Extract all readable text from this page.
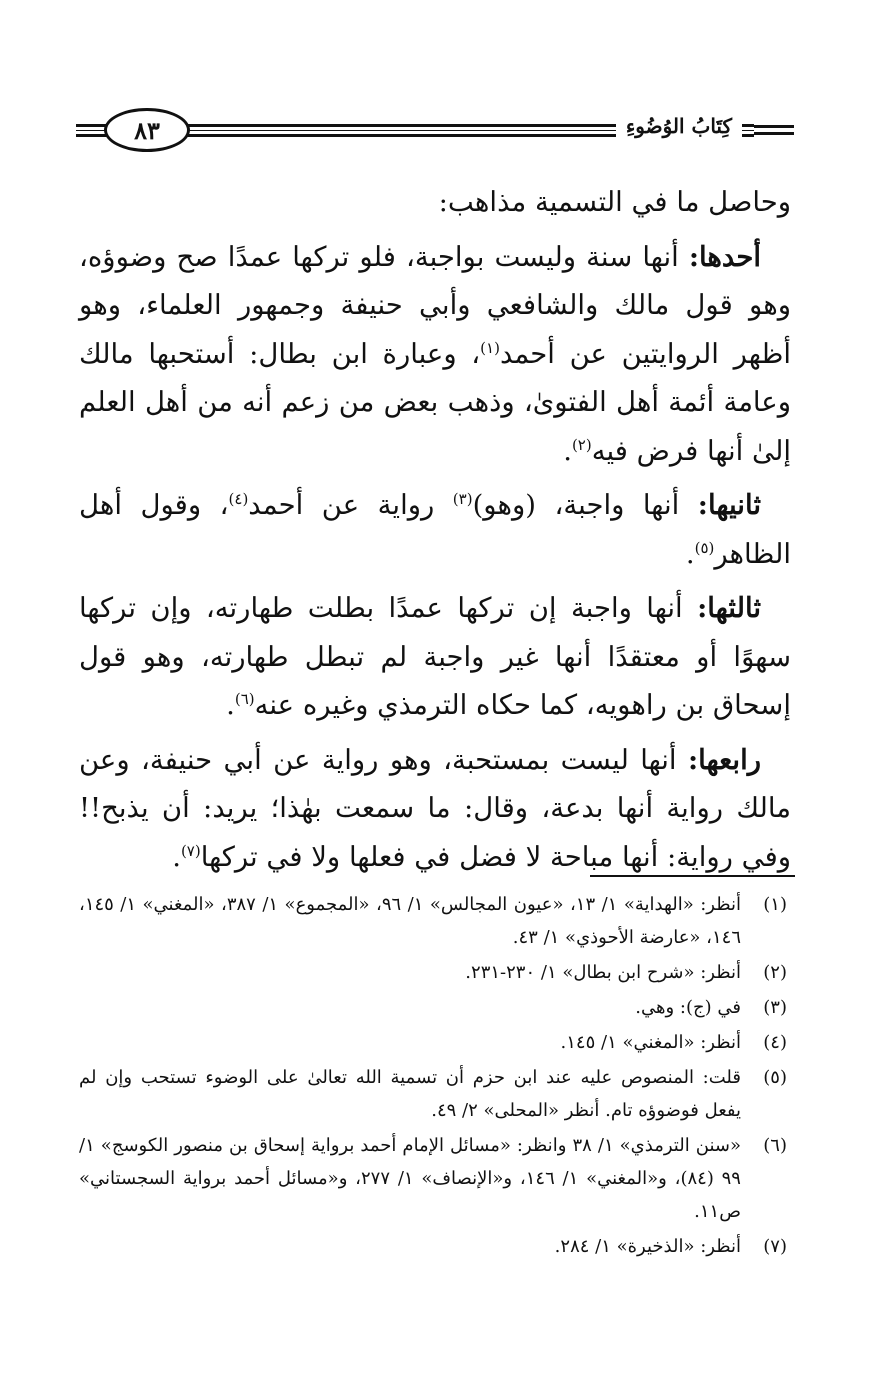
كِتَابُ الوُضُوءِ
٨٣

وحاصل ما في التسمية مذاهب:

أحدها: أنها سنة وليست بواجبة، فلو تركها عمدًا صح وضوؤه، وهو قول مالك والشافعي وأبي حنيفة وجمهور العلماء، وهو أظهر الروايتين عن أحمد$^{(١)}$، وعبارة ابن بطال: أستحبها مالك وعامة أئمة أهل الفتوىٰ، وذهب بعض من زعم أنه من أهل العلم إلىٰ أنها فرض فيه$^{(٢)}$.

ثانيها: أنها واجبة، (وهو)$^{(٣)}$ رواية عن أحمد$^{(٤)}$، وقول أهل الظاهر$^{(٥)}$.

ثالثها: أنها واجبة إن تركها عمدًا بطلت طهارته، وإن تركها سهوًا أو معتقدًا أنها غير واجبة لم تبطل طهارته، وهو قول إسحاق بن راهويه، كما حكاه الترمذي وغيره عنه$^{(٦)}$.

رابعها: أنها ليست بمستحبة، وهو رواية عن أبي حنيفة، وعن مالك رواية أنها بدعة، وقال: ما سمعت بهٰذا؛ يريد: أن يذبح!! وفي رواية: أنها مباحة لا فضل في فعلها ولا في تركها$^{(٧)}$.

(١)
أنظر: «الهداية» ١/ ١٣، «عيون المجالس» ١/ ٩٦، «المجموع» ١/ ٣٨٧، «المغني» ١/ ١٤٥، ١٤٦، «عارضة الأحوذي» ١/ ٤٣.
(٢)
أنظر: «شرح ابن بطال» ١/ ٢٣٠-٢٣١.
(٣)
في (ج): وهي.
(٤)
أنظر: «المغني» ١/ ١٤٥.
(٥)
قلت: المنصوص عليه عند ابن حزم أن تسمية الله تعالىٰ على الوضوء تستحب وإن لم يفعل فوضوؤه تام. أنظر «المحلى» ٢/ ٤٩.
(٦)
«سنن الترمذي» ١/ ٣٨ وانظر: «مسائل الإمام أحمد برواية إسحاق بن منصور الكوسج» ١/ ٩٩ (٨٤)، و«المغني» ١/ ١٤٦، و«الإنصاف» ١/ ٢٧٧، و«مسائل أحمد برواية السجستاني» ص١١.
(٧)
أنظر: «الذخيرة» ١/ ٢٨٤.
